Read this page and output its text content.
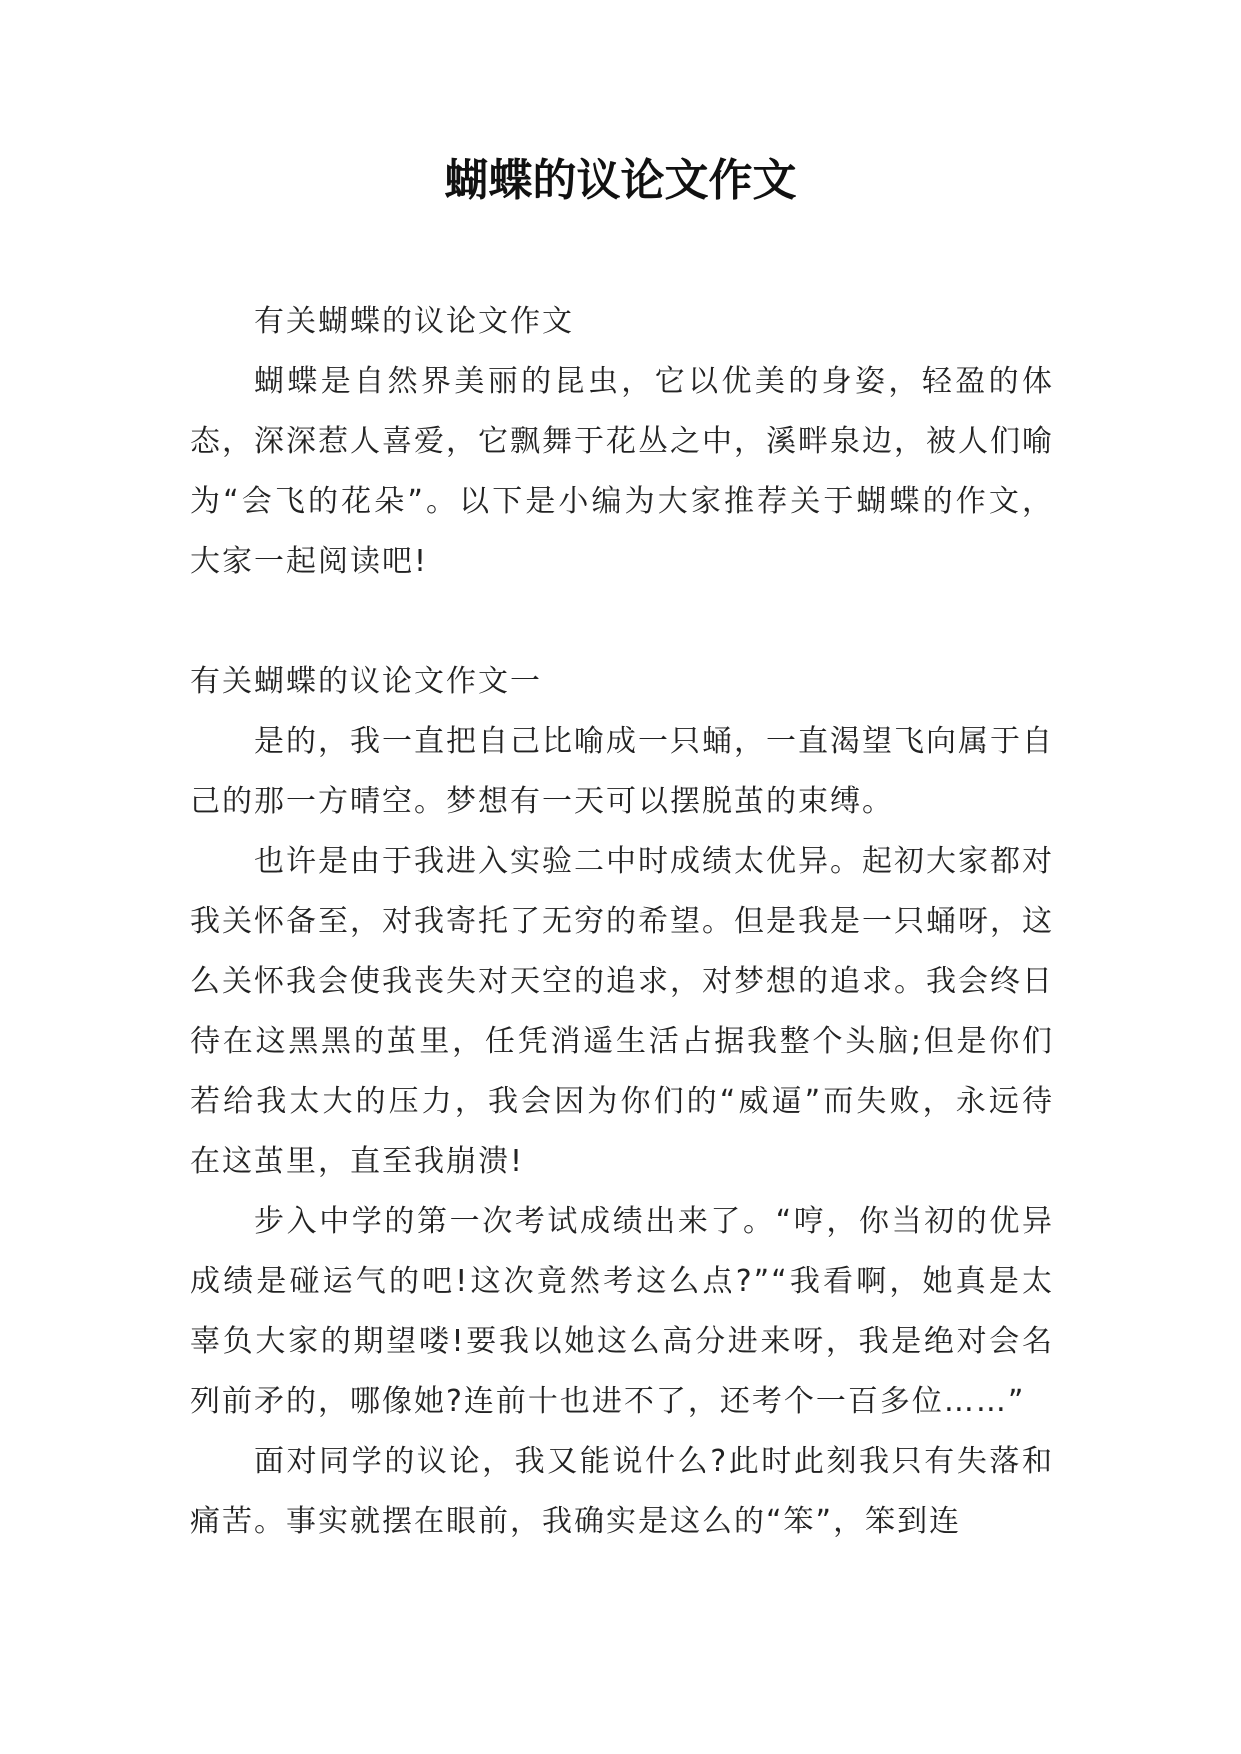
蝴蝶的议论文作文

有关蝴蝶的议论文作文

蝴蝶是自然界美丽的昆虫，它以优美的身姿，轻盈的体态，深深惹人喜爱，它飘舞于花丛之中，溪畔泉边，被人们喻为“会飞的花朵”。以下是小编为大家推荐关于蝴蝶的作文，大家一起阅读吧!

有关蝴蝶的议论文作文一

是的，我一直把自己比喻成一只蛹，一直渴望飞向属于自己的那一方晴空。梦想有一天可以摆脱茧的束缚。

也许是由于我进入实验二中时成绩太优异。起初大家都对我关怀备至，对我寄托了无穷的希望。但是我是一只蛹呀，这么关怀我会使我丧失对天空的追求，对梦想的追求。我会终日待在这黑黑的茧里，任凭消遥生活占据我整个头脑;但是你们若给我太大的压力，我会因为你们的“威逼”而失败，永远待在这茧里，直至我崩溃!

步入中学的第一次考试成绩出来了。“哼，你当初的优异成绩是碰运气的吧!这次竟然考这么点?”“我看啊，她真是太辜负大家的期望喽!要我以她这么高分进来呀，我是绝对会名列前矛的，哪像她?连前十也进不了，还考个一百多位……”

面对同学的议论，我又能说什么?此时此刻我只有失落和痛苦。事实就摆在眼前，我确实是这么的“笨”，笨到连
